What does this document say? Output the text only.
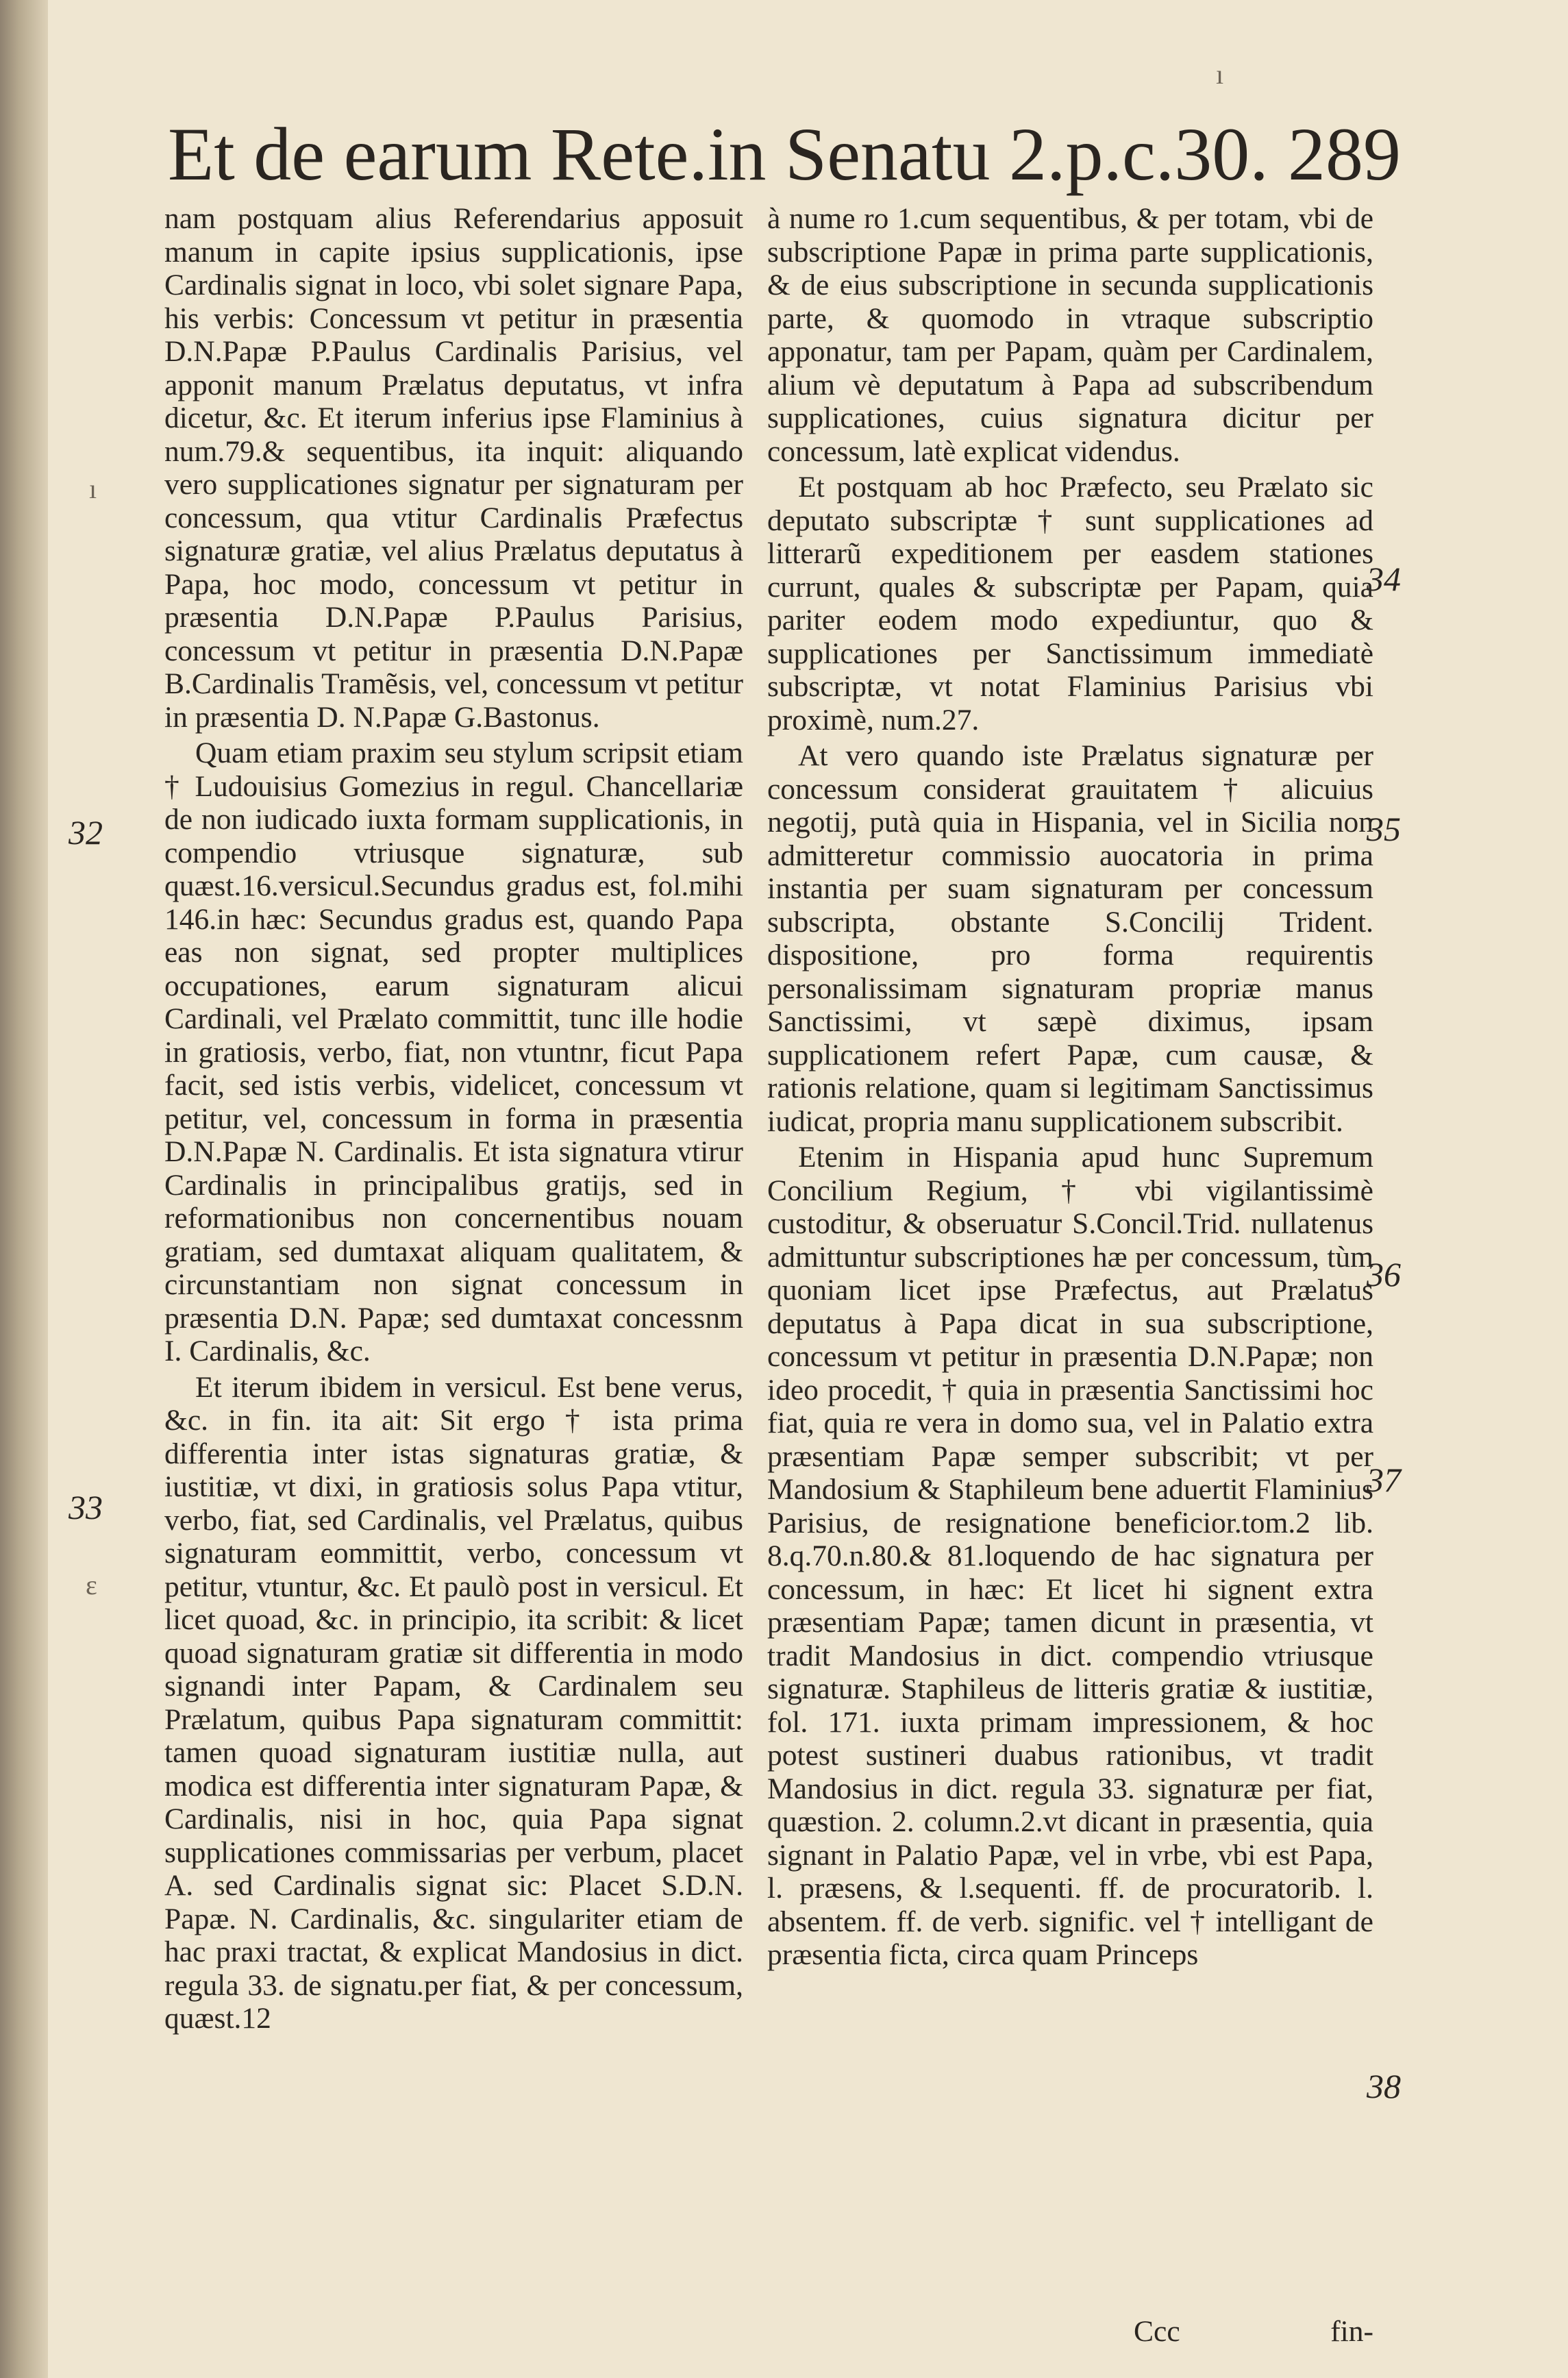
Et de earum Rete.in Senatu 2.p.c.30. 289
ı

nam postquam alius Referendarius apposuit manum in capite ipsius supplicationis, ipse Cardinalis signat in loco, vbi solet signare Papa, his verbis: Concessum vt petitur in præsentia D.N.Papæ P.Paulus Cardinalis Parisius, vel apponit manum Prælatus deputatus, vt infra dicetur, &c. Et iterum inferius ipse Flaminius à num.79.& sequentibus, ita inquit: aliquando vero supplicationes signatur per signaturam per concessum, qua vtitur Cardinalis Præfectus signaturæ gratiæ, vel alius Prælatus deputatus à Papa, hoc modo, concessum vt petitur in præsentia D.N.Papæ P.Paulus Parisius, concessum vt petitur in præsentia D.N.Papæ B.Cardinalis Tramẽsis, vel, concessum vt petitur in præsentia D. N.Papæ G.Bastonus.

Quam etiam praxim seu stylum scripsit etiam † Ludouisius Gomezius in regul. Chancellariæ de non iudicado iuxta formam supplicationis, in compendio vtriusque signaturæ, sub quæst.16.versicul.Secundus gradus est, fol.mihi 146.in hæc: Secundus gradus est, quando Papa eas non signat, sed propter multiplices occupationes, earum signaturam alicui Cardinali, vel Prælato committit, tunc ille hodie in gratiosis, verbo, fiat, non vtuntnr, ficut Papa facit, sed istis verbis, videlicet, concessum vt petitur, vel, concessum in forma in præsentia D.N.Papæ N. Cardinalis. Et ista signatura vtirur Cardinalis in principalibus gratijs, sed in reformationibus non concernentibus nouam gratiam, sed dumtaxat aliquam qualitatem, & circunstantiam non signat concessum in præsentia D.N. Papæ; sed dumtaxat concessnm I. Cardinalis, &c.

Et iterum ibidem in versicul. Est bene verus, &c. in fin. ita ait: Sit ergo † ista prima differentia inter istas signaturas gratiæ, & iustitiæ, vt dixi, in gratiosis solus Papa vtitur, verbo, fiat, sed Cardinalis, vel Prælatus, quibus signaturam eommittit, verbo, concessum vt petitur, vtuntur, &c. Et paulò post in versicul. Et licet quoad, &c. in principio, ita scribit: & licet quoad signaturam gratiæ sit differentia in modo signandi inter Papam, & Cardinalem seu Prælatum, quibus Papa signaturam committit: tamen quoad signaturam iustitiæ nulla, aut modica est differentia inter signaturam Papæ, & Cardinalis, nisi in hoc, quia Papa signat supplicationes commissarias per verbum, placet A. sed Cardinalis signat sic: Placet S.D.N. Papæ. N. Cardinalis, &c. singulariter etiam de hac praxi tractat, & explicat Mandosius in dict. regula 33. de signatu.per fiat, & per concessum, quæst.12

à nume ro 1.cum sequentibus, & per totam, vbi de subscriptione Papæ in prima parte supplicationis, & de eius subscriptione in secunda supplicationis parte, & quomodo in vtraque subscriptio apponatur, tam per Papam, quàm per Cardinalem, alium vè deputatum à Papa ad subscribendum supplicationes, cuius signatura dicitur per concessum, latè explicat videndus.

Et postquam ab hoc Præfecto, seu Prælato sic deputato subscriptæ † sunt supplicationes ad litterarũ expeditionem per easdem stationes currunt, quales & subscriptæ per Papam, quia pariter eodem modo expediuntur, quo & supplicationes per Sanctissimum immediatè subscriptæ, vt notat Flaminius Parisius vbi proximè, num.27.

At vero quando iste Prælatus signaturæ per concessum considerat grauitatem † alicuius negotij, putà quia in Hispania, vel in Sicilia non admitteretur commissio auocatoria in prima instantia per suam signaturam per concessum subscripta, obstante S.Concilij Trident. dispositione, pro forma requirentis personalissimam signaturam propriæ manus Sanctissimi, vt sæpè diximus, ipsam supplicationem refert Papæ, cum causæ, & rationis relatione, quam si legitimam Sanctissimus iudicat, propria manu supplicationem subscribit.

Etenim in Hispania apud hunc Supremum Concilium Regium, † vbi vigilantissimè custoditur, & obseruatur S.Concil.Trid. nullatenus admittuntur subscriptiones hæ per concessum, tùm quoniam licet ipse Præfectus, aut Prælatus deputatus à Papa dicat in sua subscriptione, concessum vt petitur in præsentia D.N.Papæ; non ideo procedit, † quia in præsentia Sanctissimi hoc fiat, quia re vera in domo sua, vel in Palatio extra præsentiam Papæ semper subscribit; vt per Mandosium & Staphileum bene aduertit Flaminius Parisius, de resignatione beneficior.tom.2 lib. 8.q.70.n.80.& 81.loquendo de hac signatura per concessum, in hæc: Et licet hi signent extra præsentiam Papæ; tamen dicunt in præsentia, vt tradit Mandosius in dict. compendio vtriusque signaturæ. Staphileus de litteris gratiæ & iustitiæ, fol. 171. iuxta primam impressionem, & hoc potest sustineri duabus rationibus, vt tradit Mandosius in dict. regula 33. signaturæ per fiat, quæstion. 2. column.2.vt dicant in præsentia, quia signant in Palatio Papæ, vel in vrbe, vbi est Papa, l. præsens, & l.sequenti. ff. de procuratorib. l. absentem. ff. de verb. signific. vel † intelligant de præsentia ficta, circa quam Princeps

32
33
ı
ε
34
35
36
37
38
Ccc	fin-
